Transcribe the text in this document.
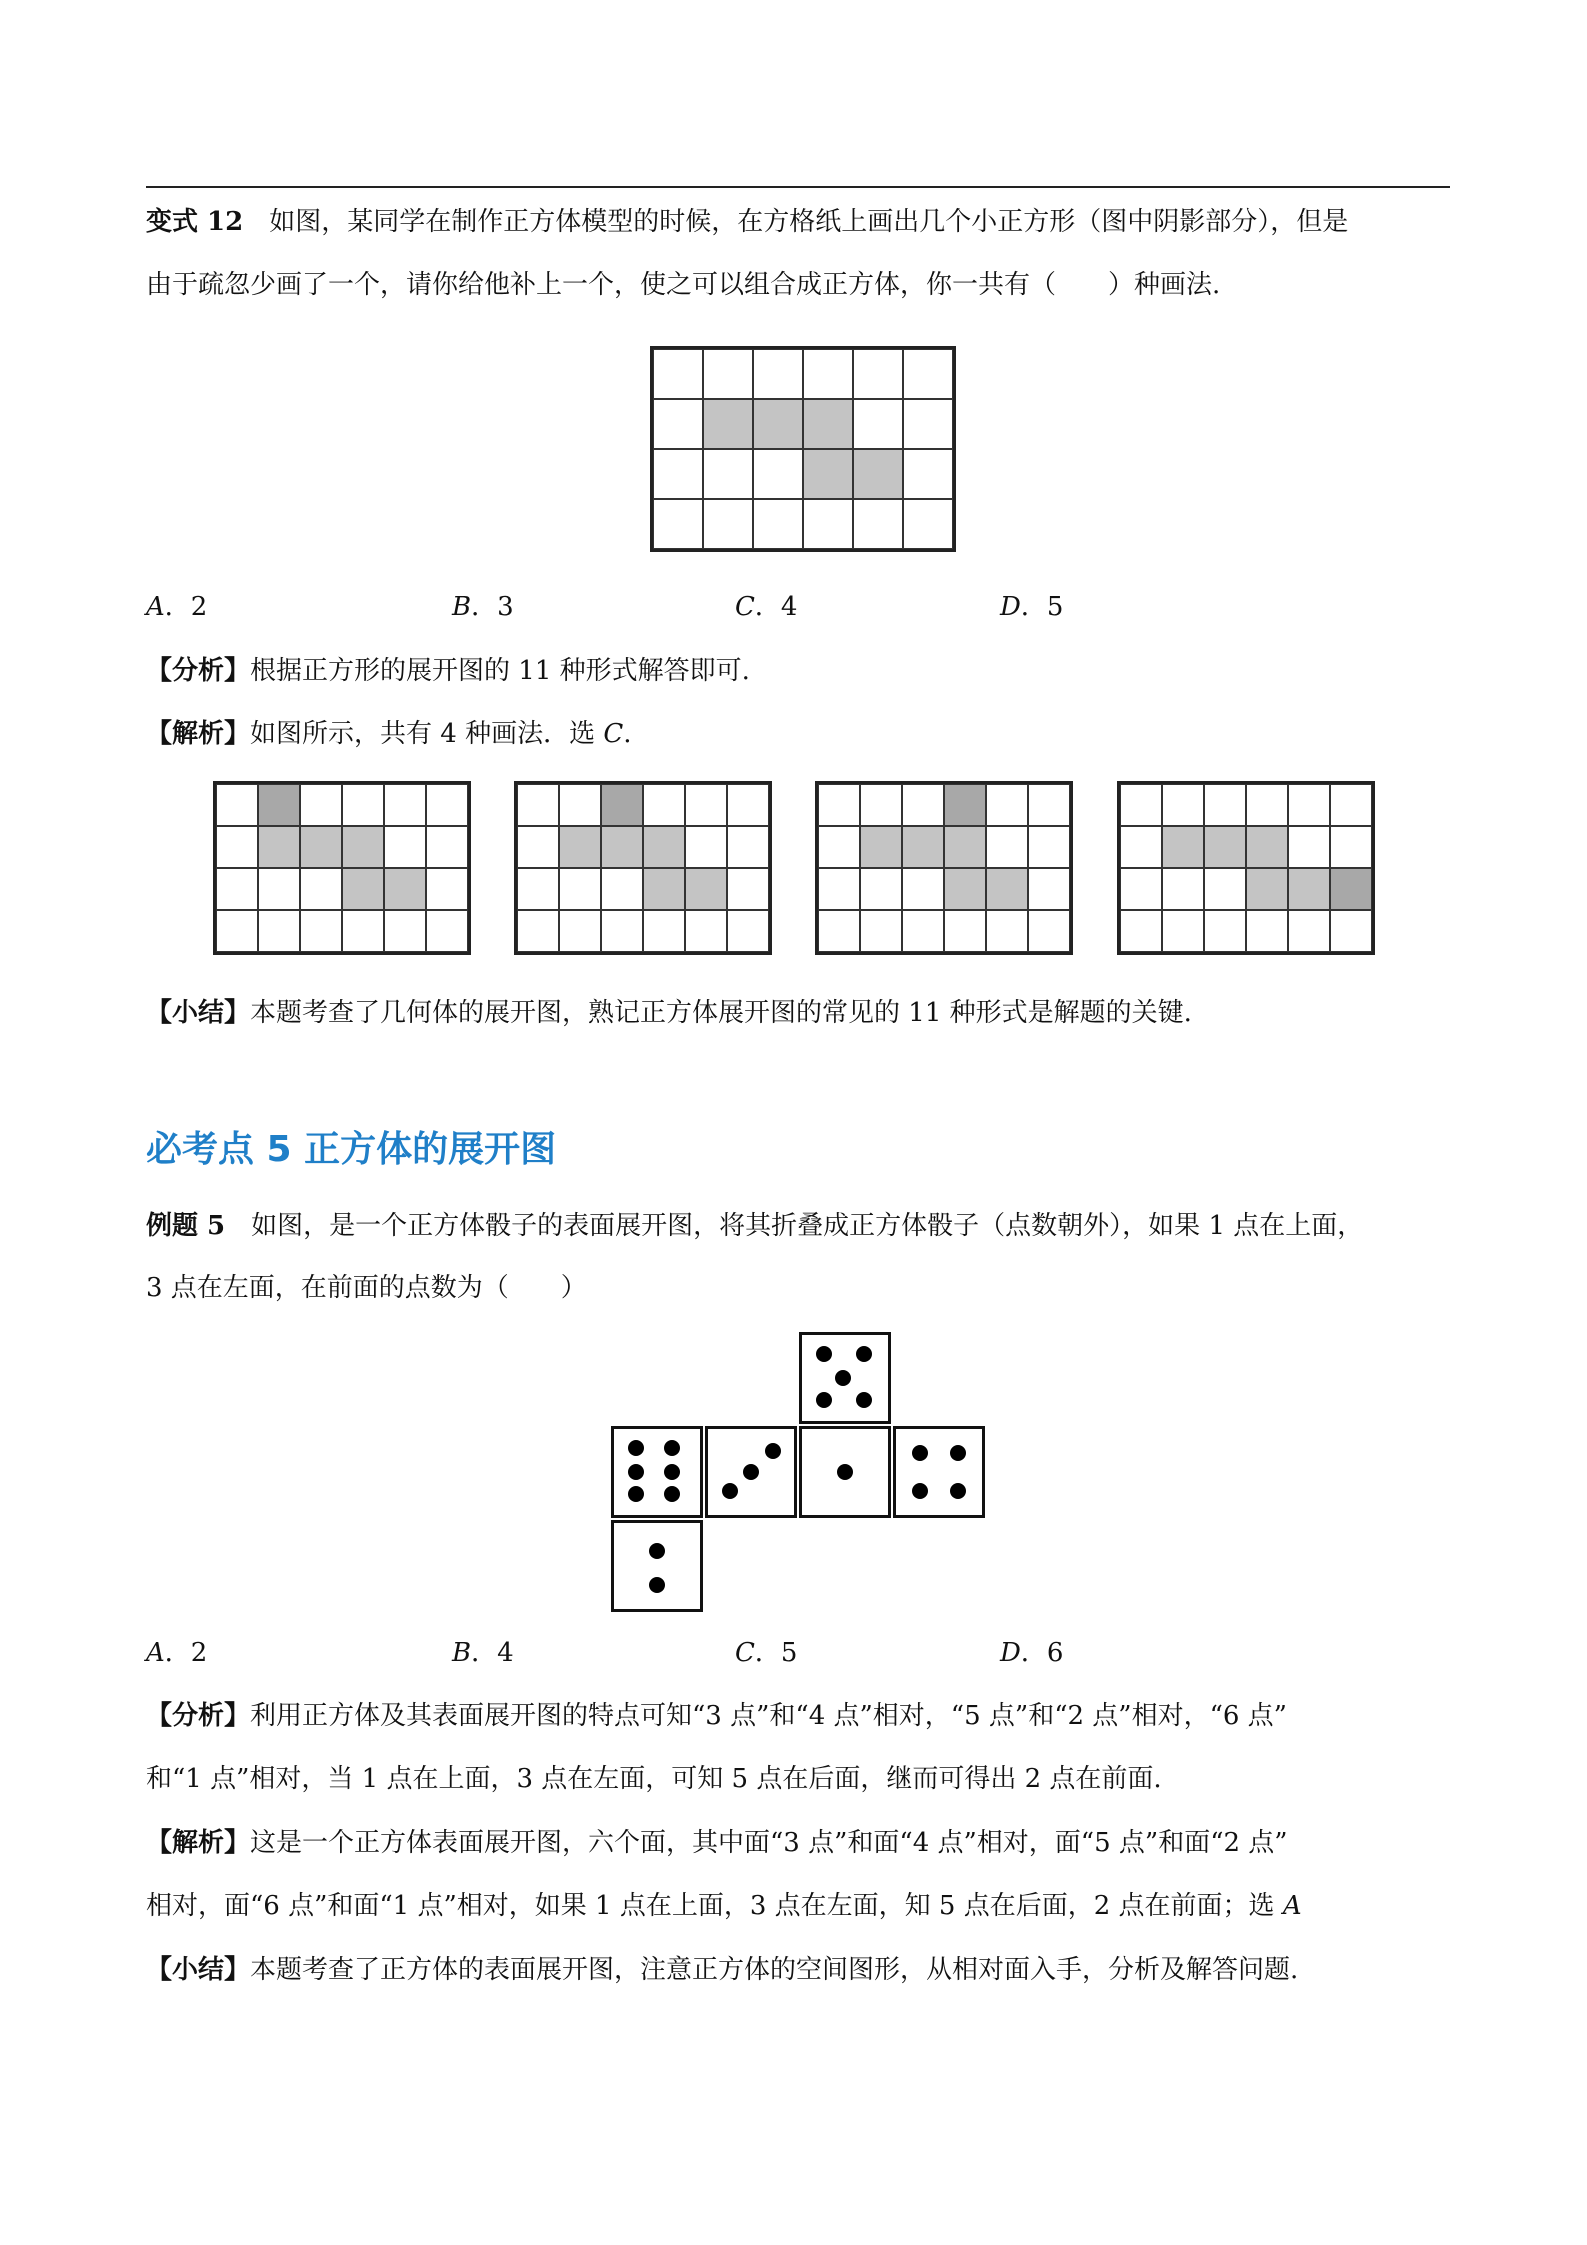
变式 12　 如图，某同学在制作正方体模型的时候，在方格纸上画出几个小正方形（图中阴影部分），但是
由于疏忽少画了一个，请你给他补上一个，使之可以组合成正方体，你一共有（　　）种画法.
A．2	B．3	C．4	D．5
【分析】根据正方形的展开图的 11 种形式解答即可.
【解析】如图所示，共有 4 种画法．选 C.
【小结】本题考查了几何体的展开图，熟记正方体展开图的常见的 11 种形式是解题的关键.
必考点 5 正方体的展开图
例题 5　 如图，是一个正方体骰子的表面展开图，将其折叠成正方体骰子（点数朝外），如果 1 点在上面，
3 点在左面，在前面的点数为（　　）
A．2	B．4	C．5	D．6
【分析】利用正方体及其表面展开图的特点可知“3 点”和“4 点”相对，“5 点”和“2 点”相对，“6 点”
和“1 点”相对，当 1 点在上面，3 点在左面，可知 5 点在后面，继而可得出 2 点在前面.
【解析】这是一个正方体表面展开图，六个面，其中面“3 点”和面“4 点”相对，面“5 点”和面“2 点”
相对，面“6 点”和面“1 点”相对，如果 1 点在上面，3 点在左面，知 5 点在后面，2 点在前面；选 A
【小结】本题考查了正方体的表面展开图，注意正方体的空间图形，从相对面入手，分析及解答问题.
